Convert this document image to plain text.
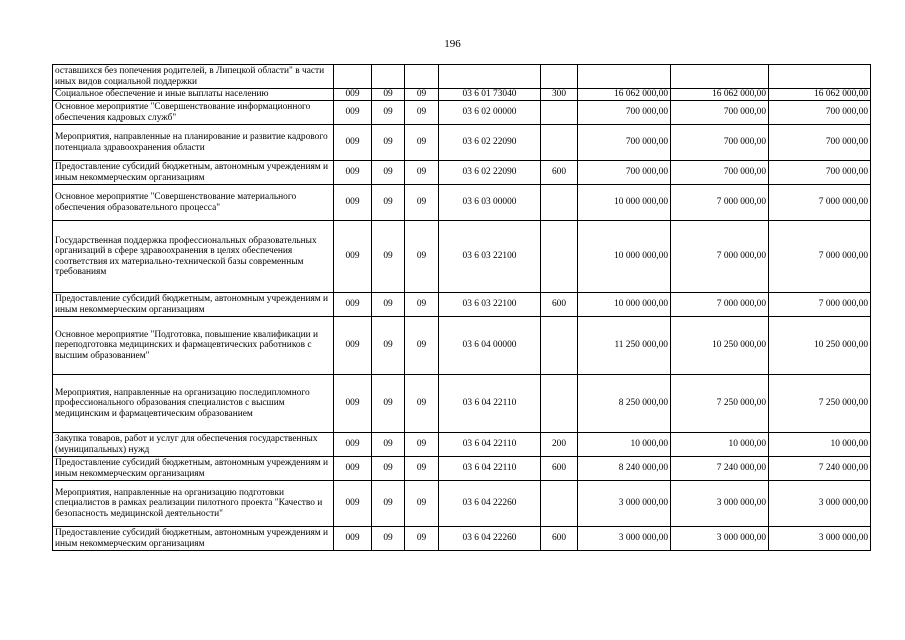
196
оставшихся без попечения родителей, в Липецкой области" в части иных видов социальной поддержки								
Социальное обеспечение и иные выплаты населению	009	09	09	03 6 01 73040	300	16 062 000,00	16 062 000,00	16 062 000,00
Основное мероприятие "Совершенствование информационного обеспечения кадровых служб"	009	09	09	03 6 02 00000		700 000,00	700 000,00	700 000,00
Мероприятия, направленные на планирование и развитие кадрового потенциала здравоохранения области	009	09	09	03 6 02 22090		700 000,00	700 000,00	700 000,00
Предоставление субсидий бюджетным, автономным учреждениям и иным некоммерческим организациям	009	09	09	03 6 02 22090	600	700 000,00	700 000,00	700 000,00
Основное мероприятие "Совершенствование материального обеспечения образовательного процесса"	009	09	09	03 6 03 00000		10 000 000,00	7 000 000,00	7 000 000,00
Государственная поддержка профессиональных образовательных организаций в сфере здравоохранения в целях обеспечения соответствия их материально-технической базы современным требованиям	009	09	09	03 6 03 22100		10 000 000,00	7 000 000,00	7 000 000,00
Предоставление субсидий бюджетным, автономным учреждениям и иным некоммерческим организациям	009	09	09	03 6 03 22100	600	10 000 000,00	7 000 000,00	7 000 000,00
Основное мероприятие "Подготовка, повышение квалификации и переподготовка медицинских и фармацевтических работников с высшим образованием"	009	09	09	03 6 04 00000		11 250 000,00	10 250 000,00	10 250 000,00
Мероприятия, направленные на организацию последипломного профессионального образования специалистов с высшим медицинским и фармацевтическим образованием	009	09	09	03 6 04 22110		8 250 000,00	7 250 000,00	7 250 000,00
Закупка товаров, работ и услуг для обеспечения государственных (муниципальных) нужд	009	09	09	03 6 04 22110	200	10 000,00	10 000,00	10 000,00
Предоставление субсидий бюджетным, автономным учреждениям и иным некоммерческим организациям	009	09	09	03 6 04 22110	600	8 240 000,00	7 240 000,00	7 240 000,00
Мероприятия, направленные на организацию подготовки специалистов в рамках реализации пилотного проекта "Качество и безопасность медицинской деятельности"	009	09	09	03 6 04 22260		3 000 000,00	3 000 000,00	3 000 000,00
Предоставление субсидий бюджетным, автономным учреждениям и иным некоммерческим организациям	009	09	09	03 6 04 22260	600	3 000 000,00	3 000 000,00	3 000 000,00
